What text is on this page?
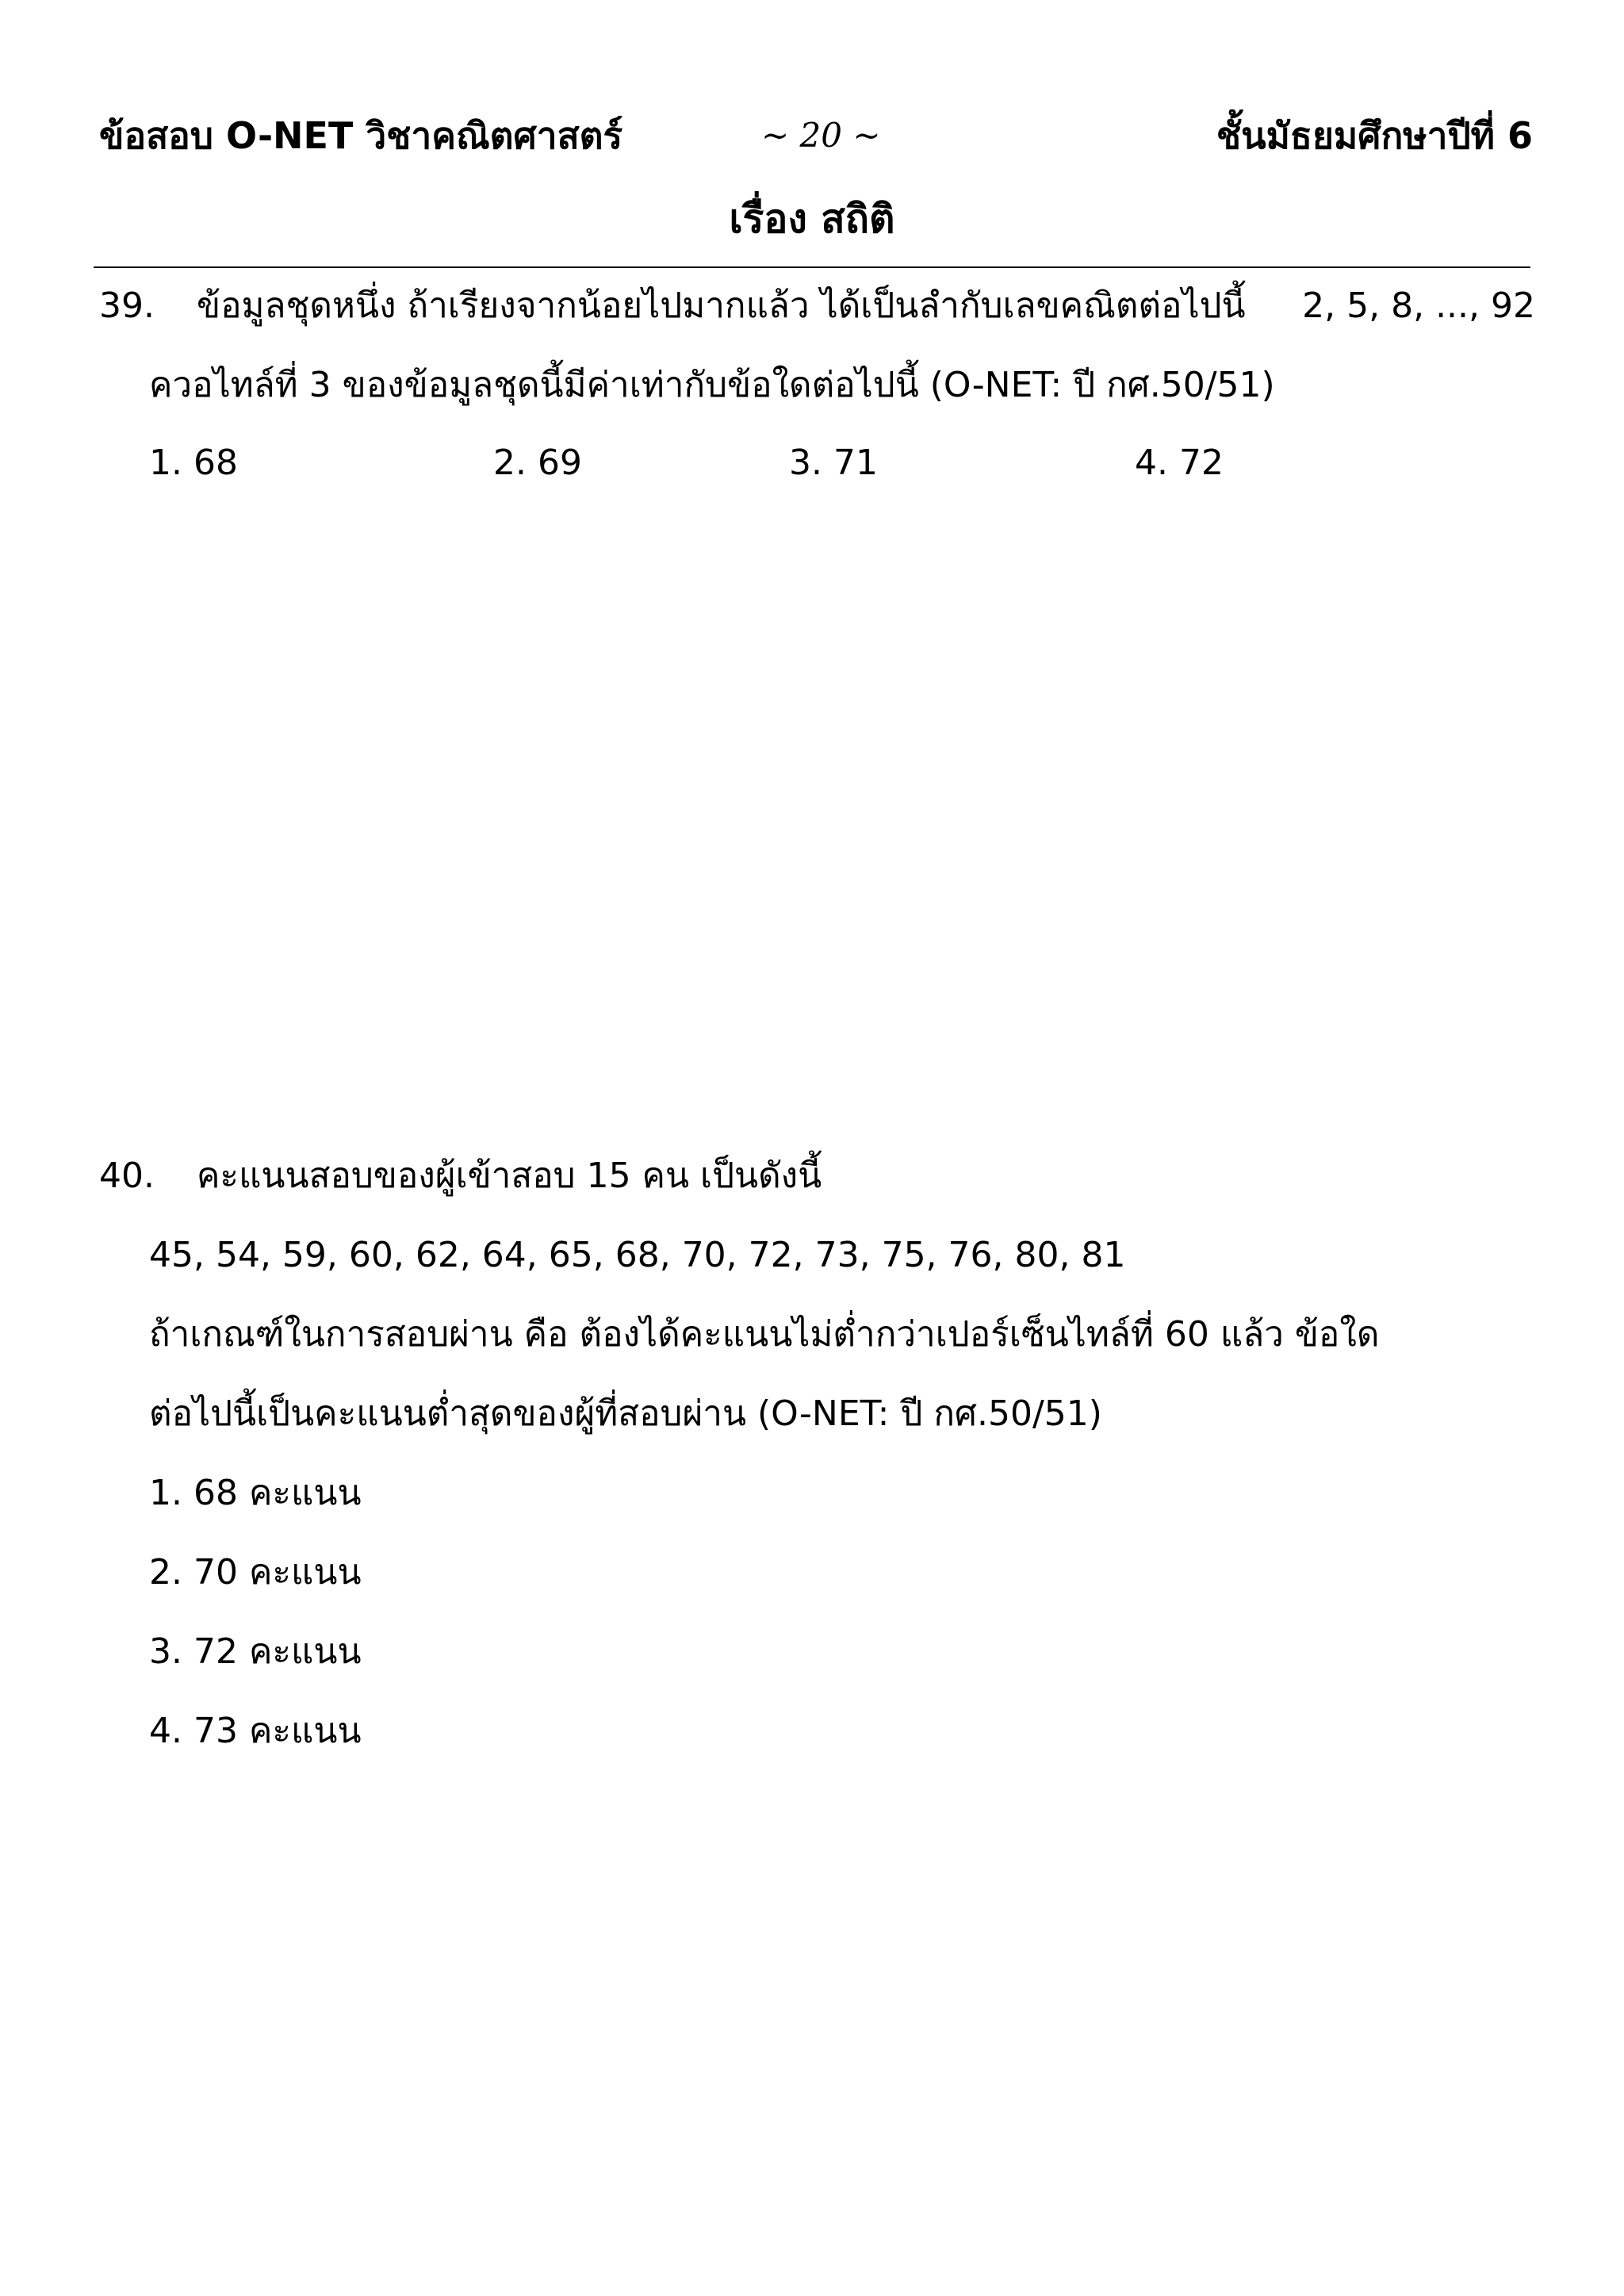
ข้อสอบ O-NET วิชาคณิตศาสตร์	~ 20 ~	ชั้นมัธยมศึกษาปีที่ 6
เรื่อง สถิติ
39. ข้อมูลชุดหนึ่ง ถ้าเรียงจากน้อยไปมากแล้ว ได้เป็นลำกับเลขคณิตต่อไปนี้ 2, 5, 8, ..., 92
ควอไทล์ที่ 3 ของข้อมูลชุดนี้มีค่าเท่ากับข้อใดต่อไปนี้ (O-NET: ปี กศ.50/51)
1. 68	2. 69	3. 71	4. 72
40. คะแนนสอบของผู้เข้าสอบ 15 คน เป็นดังนี้
45, 54, 59, 60, 62, 64, 65, 68, 70, 72, 73, 75, 76, 80, 81
ถ้าเกณฑ์ในการสอบผ่าน คือ ต้องได้คะแนนไม่ต่ำกว่าเปอร์เซ็นไทล์ที่ 60 แล้ว ข้อใด
ต่อไปนี้เป็นคะแนนต่ำสุดของผู้ที่สอบผ่าน (O-NET: ปี กศ.50/51)
1. 68 คะแนน
2. 70 คะแนน
3. 72 คะแนน
4. 73 คะแนน
